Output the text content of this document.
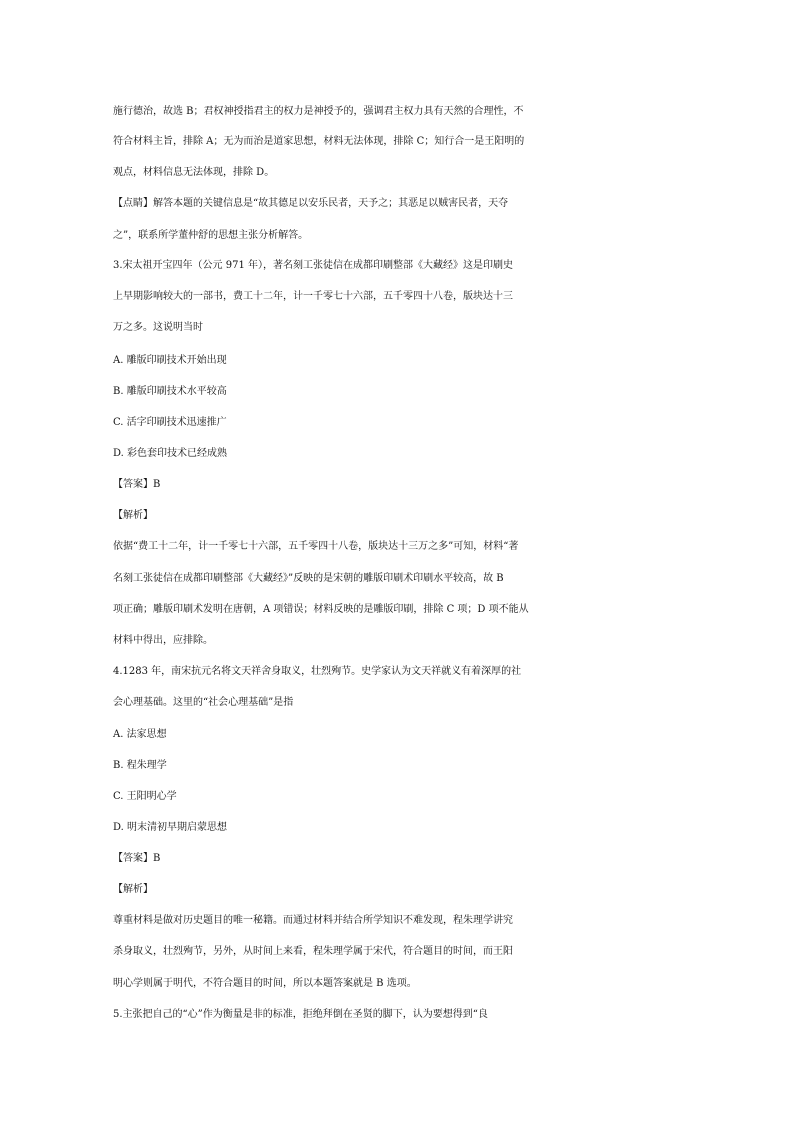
施行德治，故选 B；君权神授指君主的权力是神授予的，强调君主权力具有天然的合理性，不
符合材料主旨，排除 A；无为而治是道家思想，材料无法体现，排除 C；知行合一是王阳明的
观点，材料信息无法体现，排除 D。
【点睛】解答本题的关键信息是“故其德足以安乐民者，天予之；其恶足以贼害民者，天夺
之”，联系所学董仲舒的思想主张分析解答。
3.宋太祖开宝四年（公元 971 年），著名刻工张徒信在成都印刷整部《大藏经》这是印刷史
上早期影响较大的一部书，费工十二年，计一千零七十六部，五千零四十八卷，版块达十三
万之多。这说明当时
A. 雕版印刷技术开始出现
B. 雕版印刷技术水平较高
C. 活字印刷技术迅速推广
D. 彩色套印技术已经成熟
【答案】B
【解析】
依据“费工十二年，计一千零七十六部，五千零四十八卷，版块达十三万之多”可知，材料“著
名刻工张徒信在成都印刷整部《大藏经》”反映的是宋朝的雕版印刷术印刷水平较高，故 B
项正确；雕版印刷术发明在唐朝，A 项错误；材料反映的是雕版印刷，排除 C 项；D 项不能从
材料中得出，应排除。
4.1283 年，南宋抗元名将文天祥舍身取义，壮烈殉节。史学家认为文天祥就义有着深厚的社
会心理基础。这里的“社会心理基础”是指
A. 法家思想
B. 程朱理学
C. 王阳明心学
D. 明末清初早期启蒙思想
【答案】B
【解析】
尊重材料是做对历史题目的唯一秘籍。而通过材料并结合所学知识不难发现，程朱理学讲究
杀身取义，壮烈殉节，另外，从时间上来看，程朱理学属于宋代，符合题目的时间，而王阳
明心学则属于明代，不符合题目的时间，所以本题答案就是 B 选项。
5.主张把自己的“心”作为衡量是非的标准，拒绝拜倒在圣贤的脚下，认为要想得到“良
